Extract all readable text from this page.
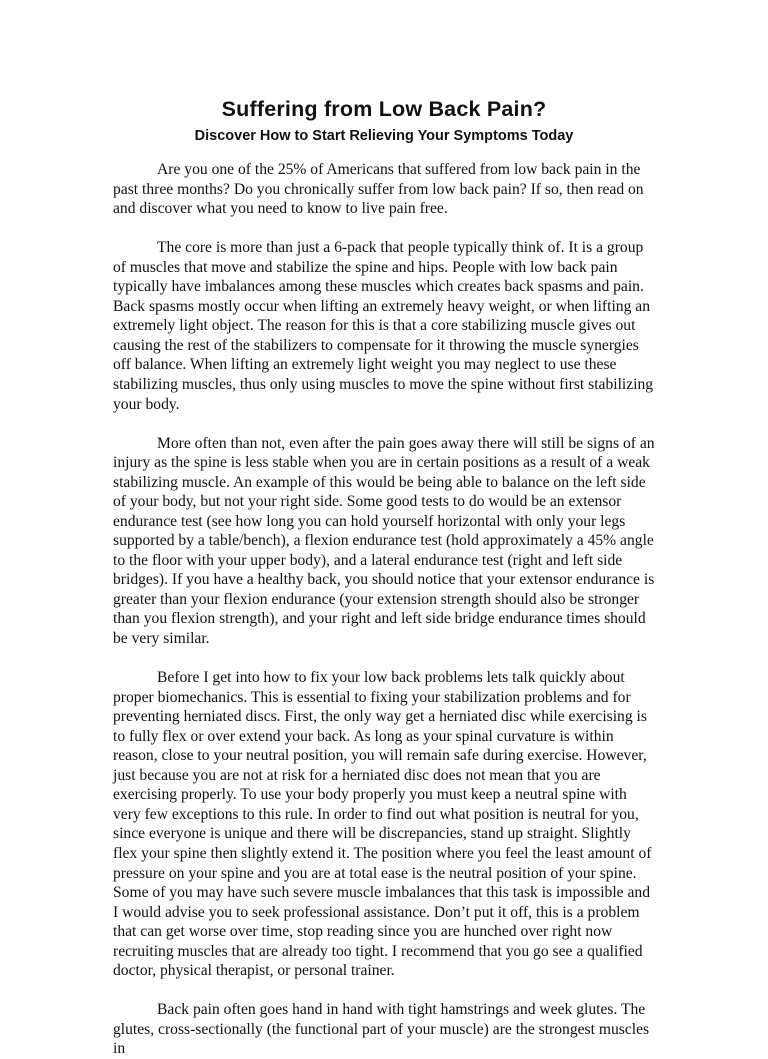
Suffering from Low Back Pain?
Discover How to Start Relieving Your Symptoms Today

Are you one of the 25% of Americans that suffered from low back pain in the past three months? Do you chronically suffer from low back pain? If so, then read on and discover what you need to know to live pain free.

The core is more than just a 6-pack that people typically think of. It is a group of muscles that move and stabilize the spine and hips. People with low back pain typically have imbalances among these muscles which creates back spasms and pain. Back spasms mostly occur when lifting an extremely heavy weight, or when lifting an extremely light object. The reason for this is that a core stabilizing muscle gives out causing the rest of the stabilizers to compensate for it throwing the muscle synergies off balance. When lifting an extremely light weight you may neglect to use these stabilizing muscles, thus only using muscles to move the spine without first stabilizing your body.

More often than not, even after the pain goes away there will still be signs of an injury as the spine is less stable when you are in certain positions as a result of a weak stabilizing muscle. An example of this would be being able to balance on the left side of your body, but not your right side. Some good tests to do would be an extensor endurance test (see how long you can hold yourself horizontal with only your legs supported by a table/bench), a flexion endurance test (hold approximately a 45% angle to the floor with your upper body), and a lateral endurance test (right and left side bridges). If you have a healthy back, you should notice that your extensor endurance is greater than your flexion endurance (your extension strength should also be stronger than you flexion strength), and your right and left side bridge endurance times should be very similar.

Before I get into how to fix your low back problems lets talk quickly about proper biomechanics. This is essential to fixing your stabilization problems and for preventing herniated discs. First, the only way get a herniated disc while exercising is to fully flex or over extend your back. As long as your spinal curvature is within reason, close to your neutral position, you will remain safe during exercise. However, just because you are not at risk for a herniated disc does not mean that you are exercising properly. To use your body properly you must keep a neutral spine with very few exceptions to this rule. In order to find out what position is neutral for you, since everyone is unique and there will be discrepancies, stand up straight. Slightly flex your spine then slightly extend it. The position where you feel the least amount of pressure on your spine and you are at total ease is the neutral position of your spine. Some of you may have such severe muscle imbalances that this task is impossible and I would advise you to seek professional assistance. Don’t put it off, this is a problem that can get worse over time, stop reading since you are hunched over right now recruiting muscles that are already too tight. I recommend that you go see a qualified doctor, physical therapist, or personal trainer.

Back pain often goes hand in hand with tight hamstrings and week glutes. The glutes, cross-sectionally (the functional part of your muscle) are the strongest muscles in
